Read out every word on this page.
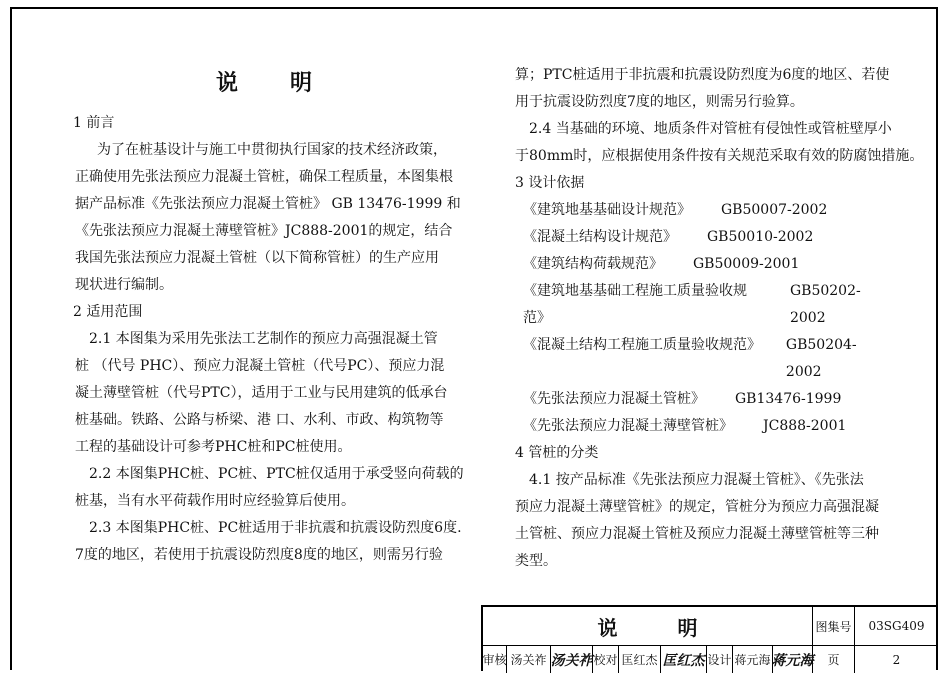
说 明

1 前言

为了在桩基设计与施工中贯彻执行国家的技术经济政策，

正确使用先张法预应力混凝土管桩，确保工程质量，本图集根

据产品标准《先张法预应力混凝土管桩》 GB 13476-1999 和

《先张法预应力混凝土薄壁管桩》JC888-2001的规定，结合

我国先张法预应力混凝土管桩（以下简称管桩）的生产应用

现状进行编制。

2 适用范围

2.1 本图集为采用先张法工艺制作的预应力高强混凝土管

桩 （代号 PHC）、预应力混凝土管桩（代号PC）、预应力混

凝土薄壁管桩（代号PTC），适用于工业与民用建筑的低承台

桩基础。铁路、公路与桥梁、港 口、水利、市政、构筑物等

工程的基础设计可参考PHC桩和PC桩使用。

2.2 本图集PHC桩、PC桩、PTC桩仅适用于承受竖向荷载的

桩基，当有水平荷载作用时应经验算后使用。

2.3 本图集PHC桩、PC桩适用于非抗震和抗震设防烈度6度.

7度的地区，若使用于抗震设防烈度8度的地区，则需另行验

算；PTC桩适用于非抗震和抗震设防烈度为6度的地区、若使

用于抗震设防烈度7度的地区，则需另行验算。

2.4 当基础的环境、地质条件对管桩有侵蚀性或管桩壁厚小

于80mm时，应根据使用条件按有关规范采取有效的防腐蚀措施。

3 设计依据

《建筑地基基础设计规范》 GB50007-2002
《混凝土结构设计规范》 GB50010-2002
《建筑结构荷载规范》 GB50009-2001
《建筑地基基础工程施工质量验收规范》
GB50202-2002
《混凝土结构工程施工质量验收规范》 GB50204-2002
《先张法预应力混凝土管桩》 GB13476-1999
《先张法预应力混凝土薄壁管桩》 JC888-2001

4 管桩的分类

4.1 按产品标准《先张法预应力混凝土管桩》、《先张法

预应力混凝土薄壁管桩》的规定，管桩分为预应力高强混凝

土管桩、预应力混凝土管桩及预应力混凝土薄壁管桩等三种

类型。

说	明	图集号	03SG409
审核 汤关祚 汤关祚 校对 匡红杰 匡红杰 设计 蒋元海 蒋元海	页	2
